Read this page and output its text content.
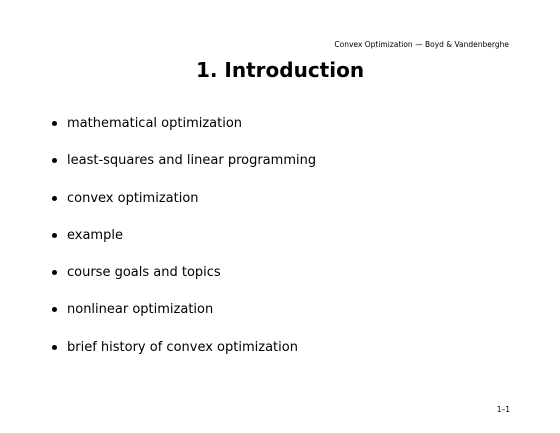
Convex Optimization — Boyd & Vandenberghe
1. Introduction
mathematical optimization
least-squares and linear programming
convex optimization
example
course goals and topics
nonlinear optimization
brief history of convex optimization
1–1
